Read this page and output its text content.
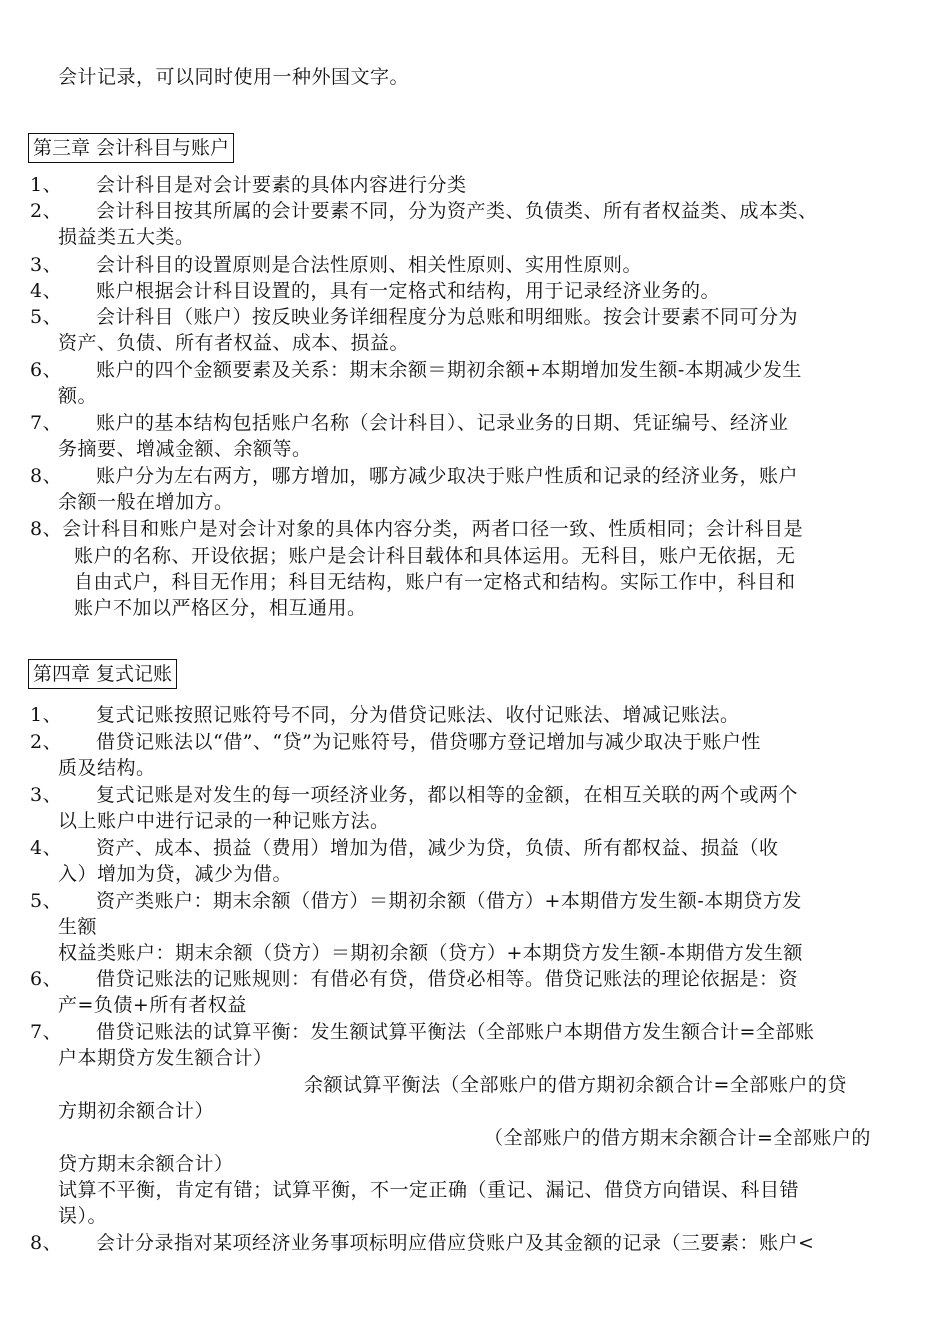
会计记录，可以同时使用一种外国文字。
第三章 会计科目与账户
1、 会计科目是对会计要素的具体内容进行分类
2、 会计科目按其所属的会计要素不同，分为资产类、负债类、所有者权益类、成本类、
损益类五大类。
3、 会计科目的设置原则是合法性原则、相关性原则、实用性原则。
4、 账户根据会计科目设置的，具有一定格式和结构，用于记录经济业务的。
5、 会计科目（账户）按反映业务详细程度分为总账和明细账。按会计要素不同可分为
资产、负债、所有者权益、成本、损益。
6、 账户的四个金额要素及关系：期末余额＝期初余额+本期增加发生额-本期减少发生
额。
7、 账户的基本结构包括账户名称（会计科目）、记录业务的日期、凭证编号、经济业
务摘要、增减金额、余额等。
8、 账户分为左右两方，哪方增加，哪方减少取决于账户性质和记录的经济业务，账户
余额一般在增加方。
8、会计科目和账户是对会计对象的具体内容分类，两者口径一致、性质相同；会计科目是
账户的名称、开设依据；账户是会计科目载体和具体运用。无科目，账户无依据，无
自由式户，科目无作用；科目无结构，账户有一定格式和结构。实际工作中，科目和
账户不加以严格区分，相互通用。
第四章 复式记账
1、 复式记账按照记账符号不同，分为借贷记账法、收付记账法、增减记账法。
2、 借贷记账法以“借”、“贷”为记账符号，借贷哪方登记增加与减少取决于账户性
质及结构。
3、 复式记账是对发生的每一项经济业务，都以相等的金额，在相互关联的两个或两个
以上账户中进行记录的一种记账方法。
4、 资产、成本、损益（费用）增加为借，减少为贷，负债、所有都权益、损益（收
入）增加为贷，减少为借。
5、 资产类账户：期末余额（借方）＝期初余额（借方）+本期借方发生额-本期贷方发
生额
权益类账户：期末余额（贷方）＝期初余额（贷方）+本期贷方发生额-本期借方发生额
6、 借贷记账法的记账规则：有借必有贷，借贷必相等。借贷记账法的理论依据是：资
产=负债+所有者权益
7、 借贷记账法的试算平衡：发生额试算平衡法（全部账户本期借方发生额合计=全部账
户本期贷方发生额合计）
余额试算平衡法（全部账户的借方期初余额合计=全部账户的贷
方期初余额合计）
（全部账户的借方期末余额合计=全部账户的
贷方期末余额合计）
试算不平衡，肯定有错；试算平衡，不一定正确（重记、漏记、借贷方向错误、科目错
误）。
8、 会计分录指对某项经济业务事项标明应借应贷账户及其金额的记录（三要素：账户<
